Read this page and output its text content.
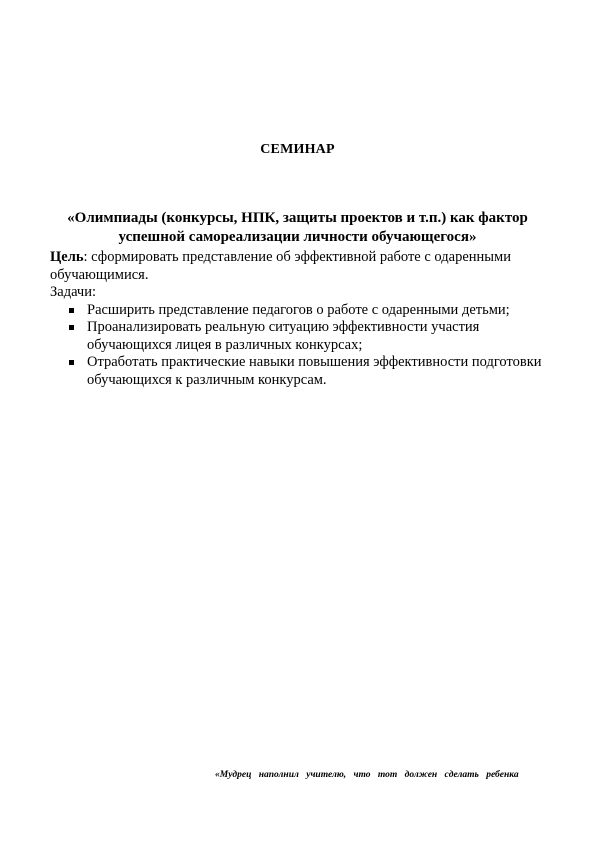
СЕМИНАР
«Олимпиады (конкурсы, НПК, защиты проектов и т.п.) как фактор успешной самореализации личности обучающегося»
Цель: сформировать представление об эффективной работе с одаренными обучающимися.
Задачи:
Расширить представление педагогов о работе с одаренными детьми;
Проанализировать реальную ситуацию эффективности участия обучающихся лицея в различных конкурсах;
Отработать практические навыки повышения эффективности подготовки обучающихся к различным конкурсам.
«Мудрец наполнил учителю, что тот должен сделать ребенка
